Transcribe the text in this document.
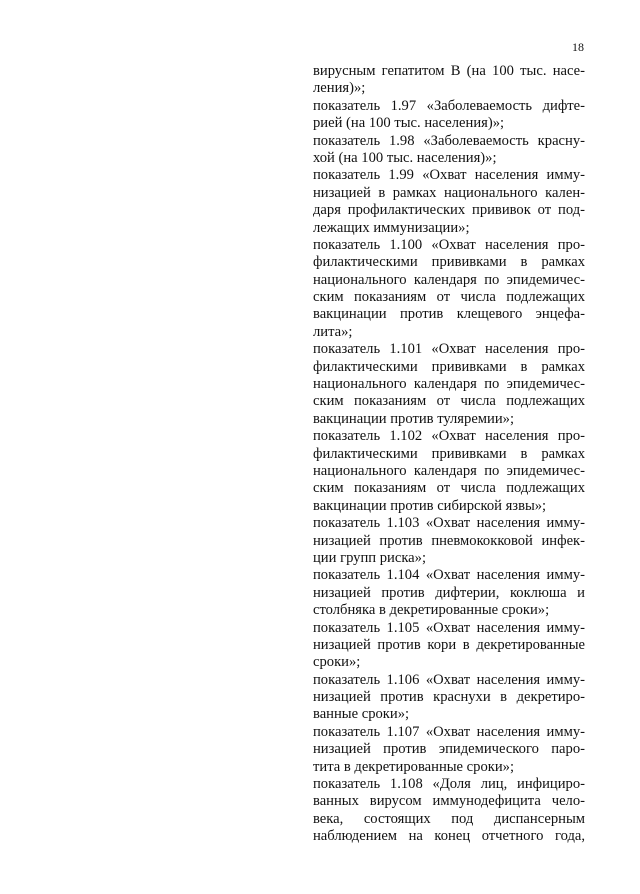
18
вирусным гепатитом В (на 100 тыс. насе-
ления)»;
показатель 1.97 «Заболеваемость дифте-
рией (на 100 тыс. населения)»;
показатель 1.98 «Заболеваемость красну-
хой (на 100 тыс. населения)»;
показатель 1.99 «Охват населения имму-
низацией в рамках национального кален-
даря профилактических прививок от под-
лежащих иммунизации»;
показатель 1.100 «Охват населения про-
филактическими прививками в рамках
национального календаря по эпидемичес-
ским показаниям от числа подлежащих
вакцинации против клещевого энцефа-
лита»;
показатель 1.101 «Охват населения про-
филактическими прививками в рамках
национального календаря по эпидемичес-
ским показаниям от числа подлежащих
вакцинации против туляремии»;
показатель 1.102 «Охват населения про-
филактическими прививками в рамках
национального календаря по эпидемичес-
ским показаниям от числа подлежащих
вакцинации против сибирской язвы»;
показатель 1.103 «Охват населения имму-
низацией против пневмококковой инфек-
ции групп риска»;
показатель 1.104 «Охват населения имму-
низацией против дифтерии, коклюша и
столбняка в декретированные сроки»;
показатель 1.105 «Охват населения имму-
низацией против кори в декретированные
сроки»;
показатель 1.106 «Охват населения имму-
низацией против краснухи в декретиро-
ванные сроки»;
показатель 1.107 «Охват населения имму-
низацией против эпидемического паро-
тита в декретированные сроки»;
показатель 1.108 «Доля лиц, инфициро-
ванных вирусом иммунодефицита чело-
века, состоящих под диспансерным
наблюдением на конец отчетного года,
